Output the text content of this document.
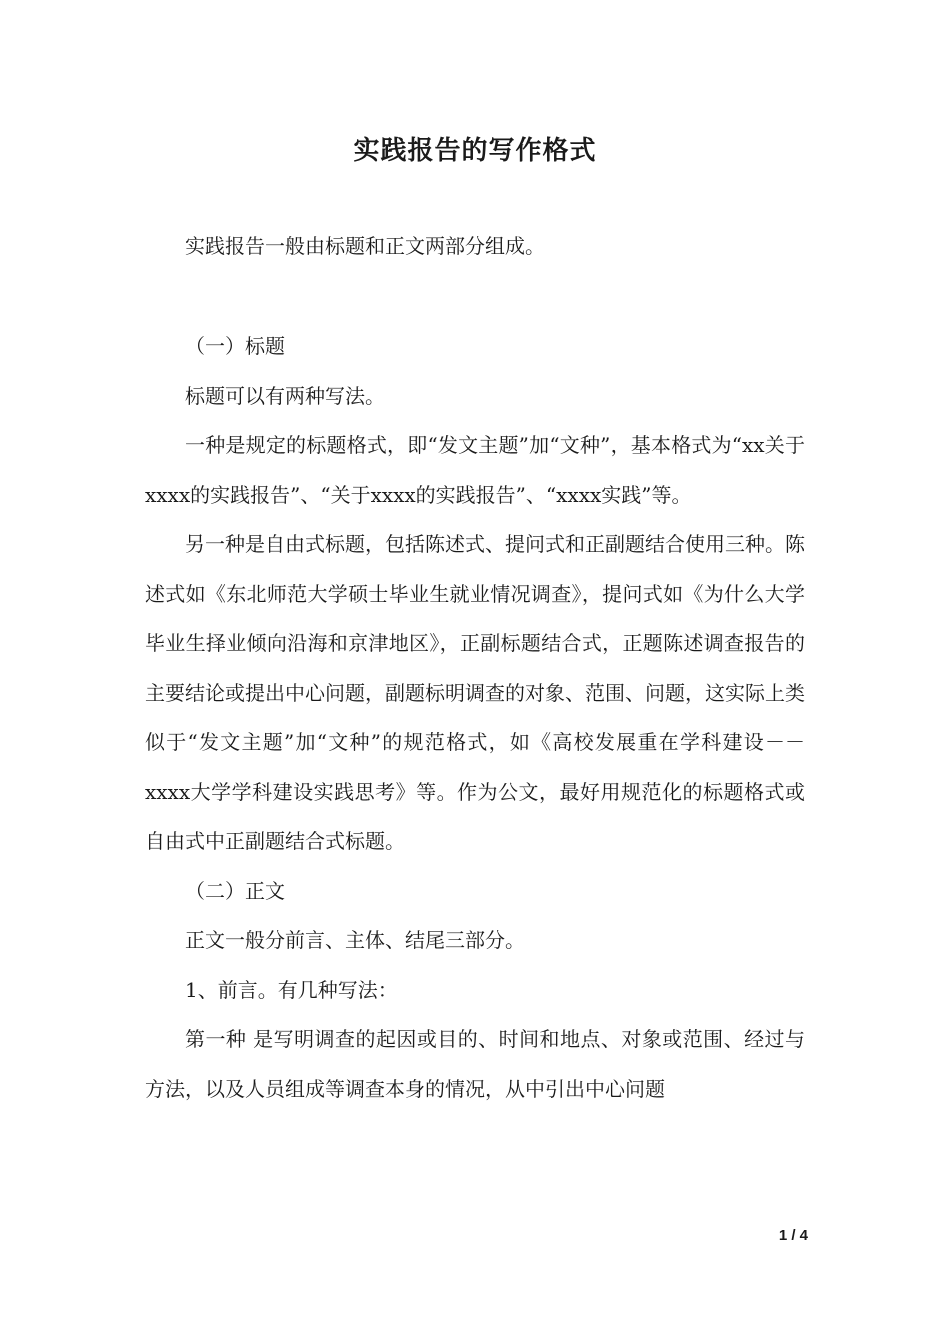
实践报告的写作格式

实践报告一般由标题和正文两部分组成。

（一）标题

标题可以有两种写法。

一种是规定的标题格式，即“发文主题”加“文种”，基本格式为“xx关于xxxx的实践报告”、“关于xxxx的实践报告”、“xxxx实践”等。

另一种是自由式标题，包括陈述式、提问式和正副题结合使用三种。陈述式如《东北师范大学硕士毕业生就业情况调查》，提问式如《为什么大学毕业生择业倾向沿海和京津地区》，正副标题结合式，正题陈述调查报告的主要结论或提出中心问题，副题标明调查的对象、范围、问题，这实际上类似于“发文主题”加“文种”的规范格式，如《高校发展重在学科建设－－xxxx大学学科建设实践思考》等。作为公文，最好用规范化的标题格式或自由式中正副题结合式标题。

（二）正文

正文一般分前言、主体、结尾三部分。

1、前言。有几种写法：

第一种 是写明调查的起因或目的、时间和地点、对象或范围、经过与方法，以及人员组成等调查本身的情况，从中引出中心问题

1 / 4
